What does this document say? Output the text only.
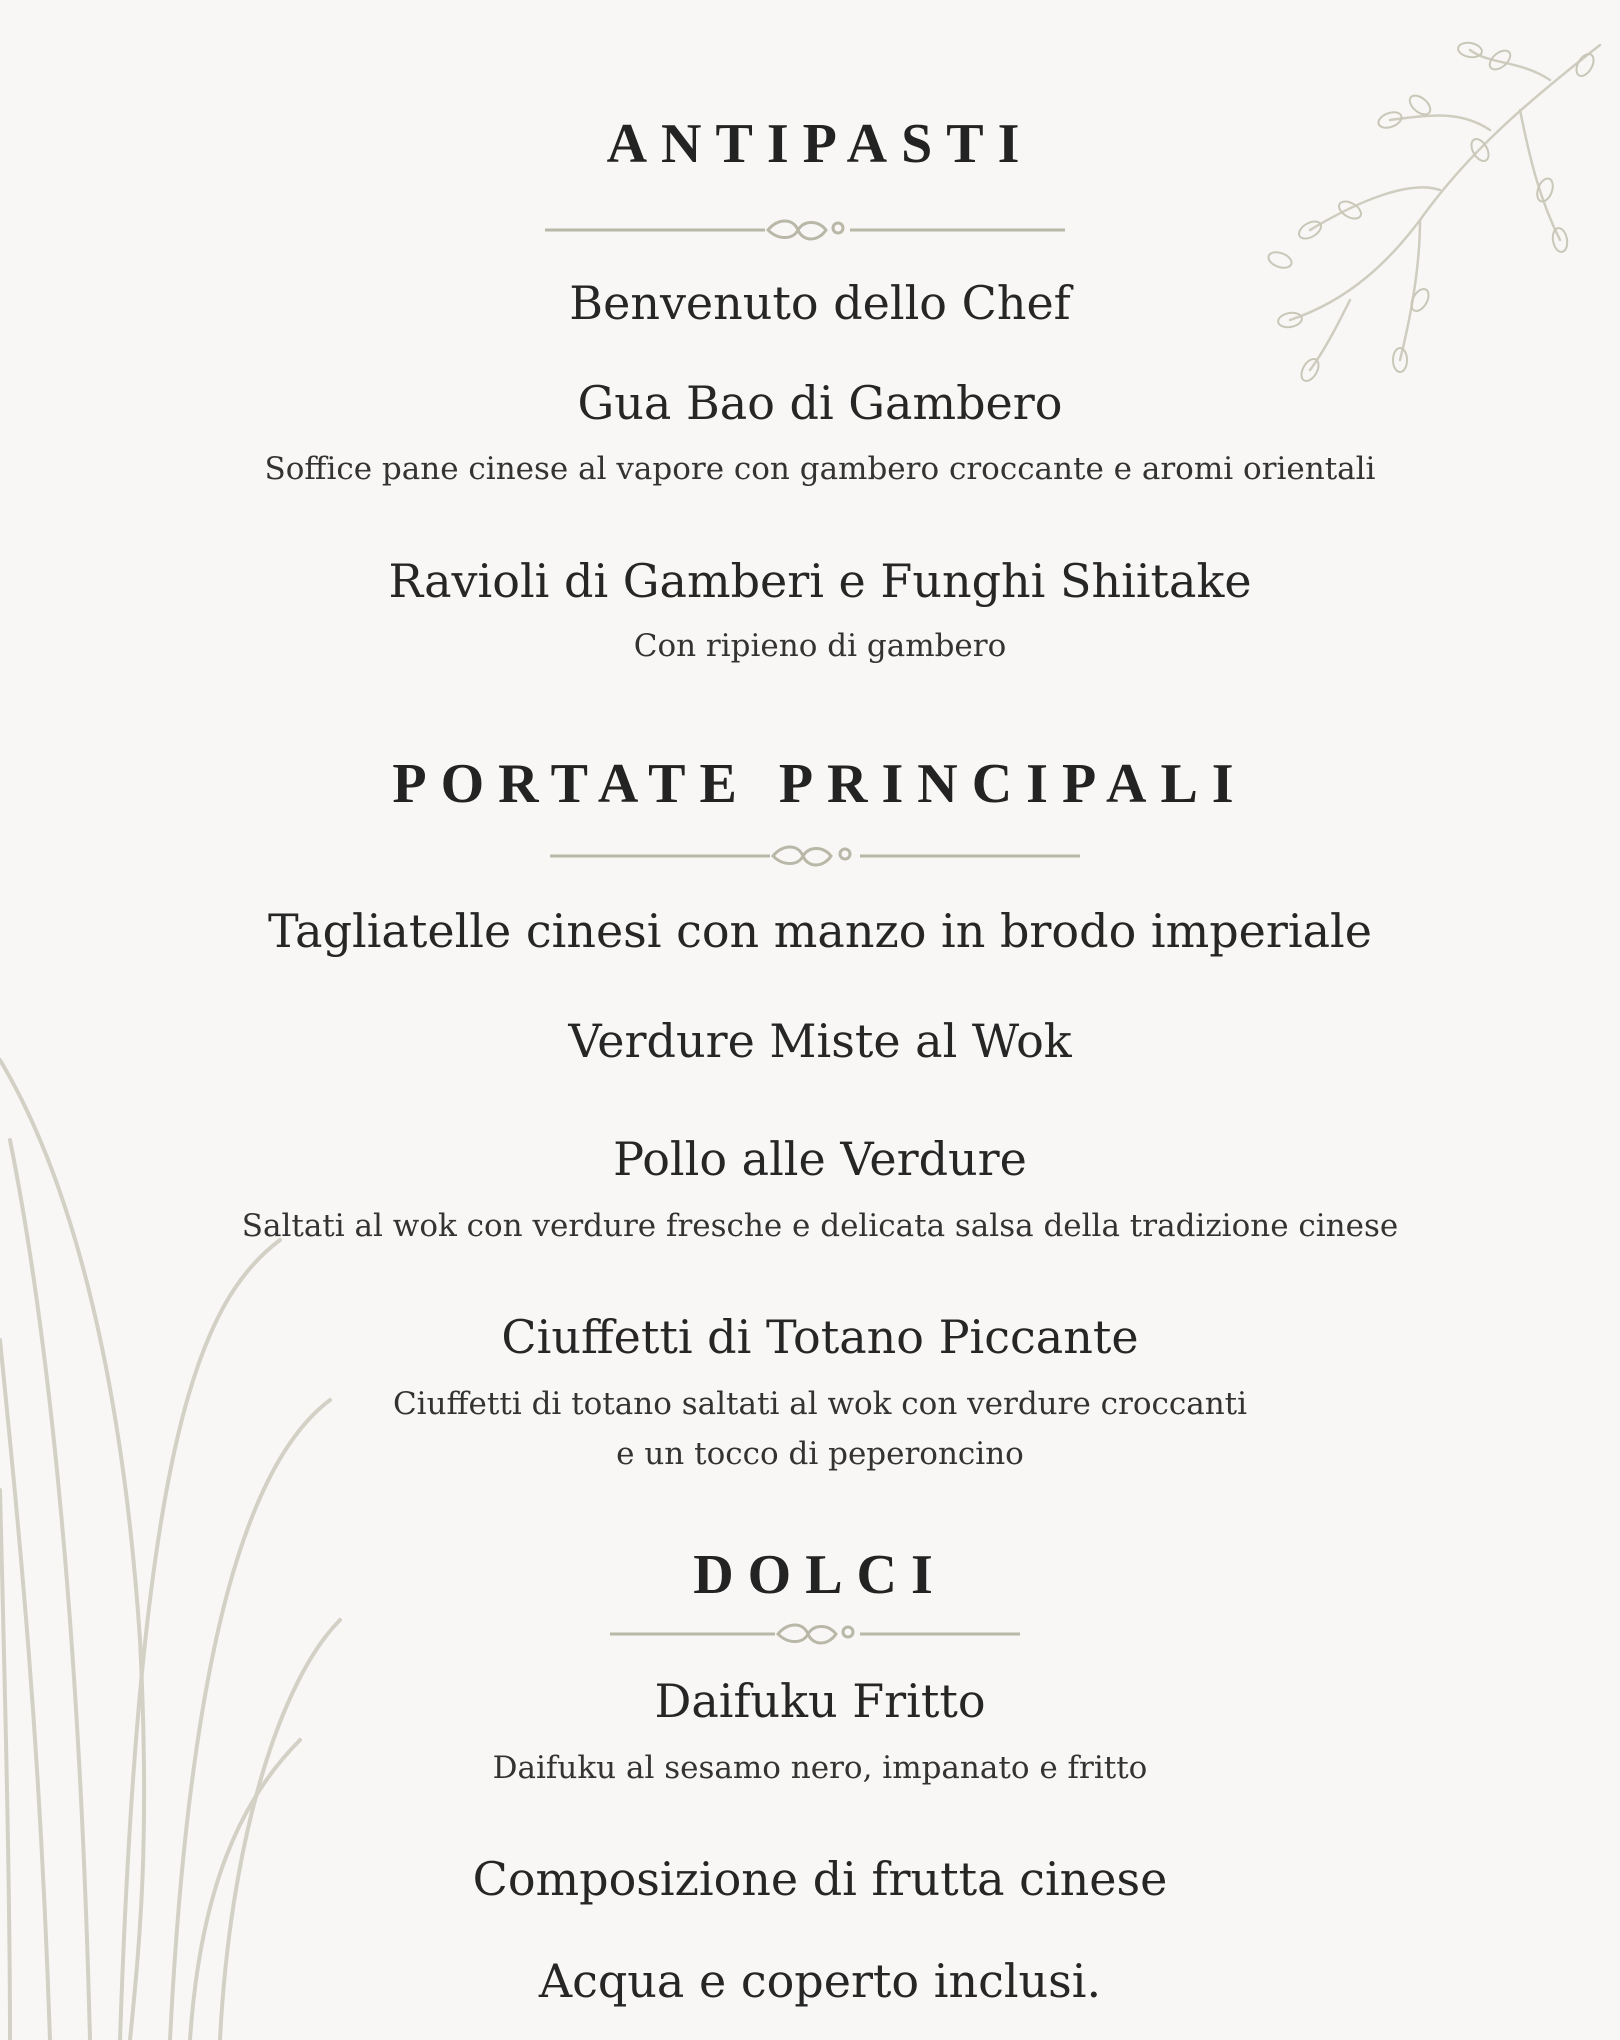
ANTIPASTI
Benvenuto dello Chef
Gua Bao di Gambero
Soffice pane cinese al vapore con gambero croccante e aromi orientali
Ravioli di Gamberi e Funghi Shiitake
Con ripieno di gambero
PORTATE PRINCIPALI
Tagliatelle cinesi con manzo in brodo imperiale
Verdure Miste al Wok
Pollo alle Verdure
Saltati al wok con verdure fresche e delicata salsa della tradizione cinese
Ciuffetti di Totano Piccante
Ciuffetti di totano saltati al wok con verdure croccanti
e un tocco di peperoncino
DOLCI
Daifuku Fritto
Daifuku al sesamo nero, impanato e fritto
Composizione di frutta cinese
Acqua e coperto inclusi.
